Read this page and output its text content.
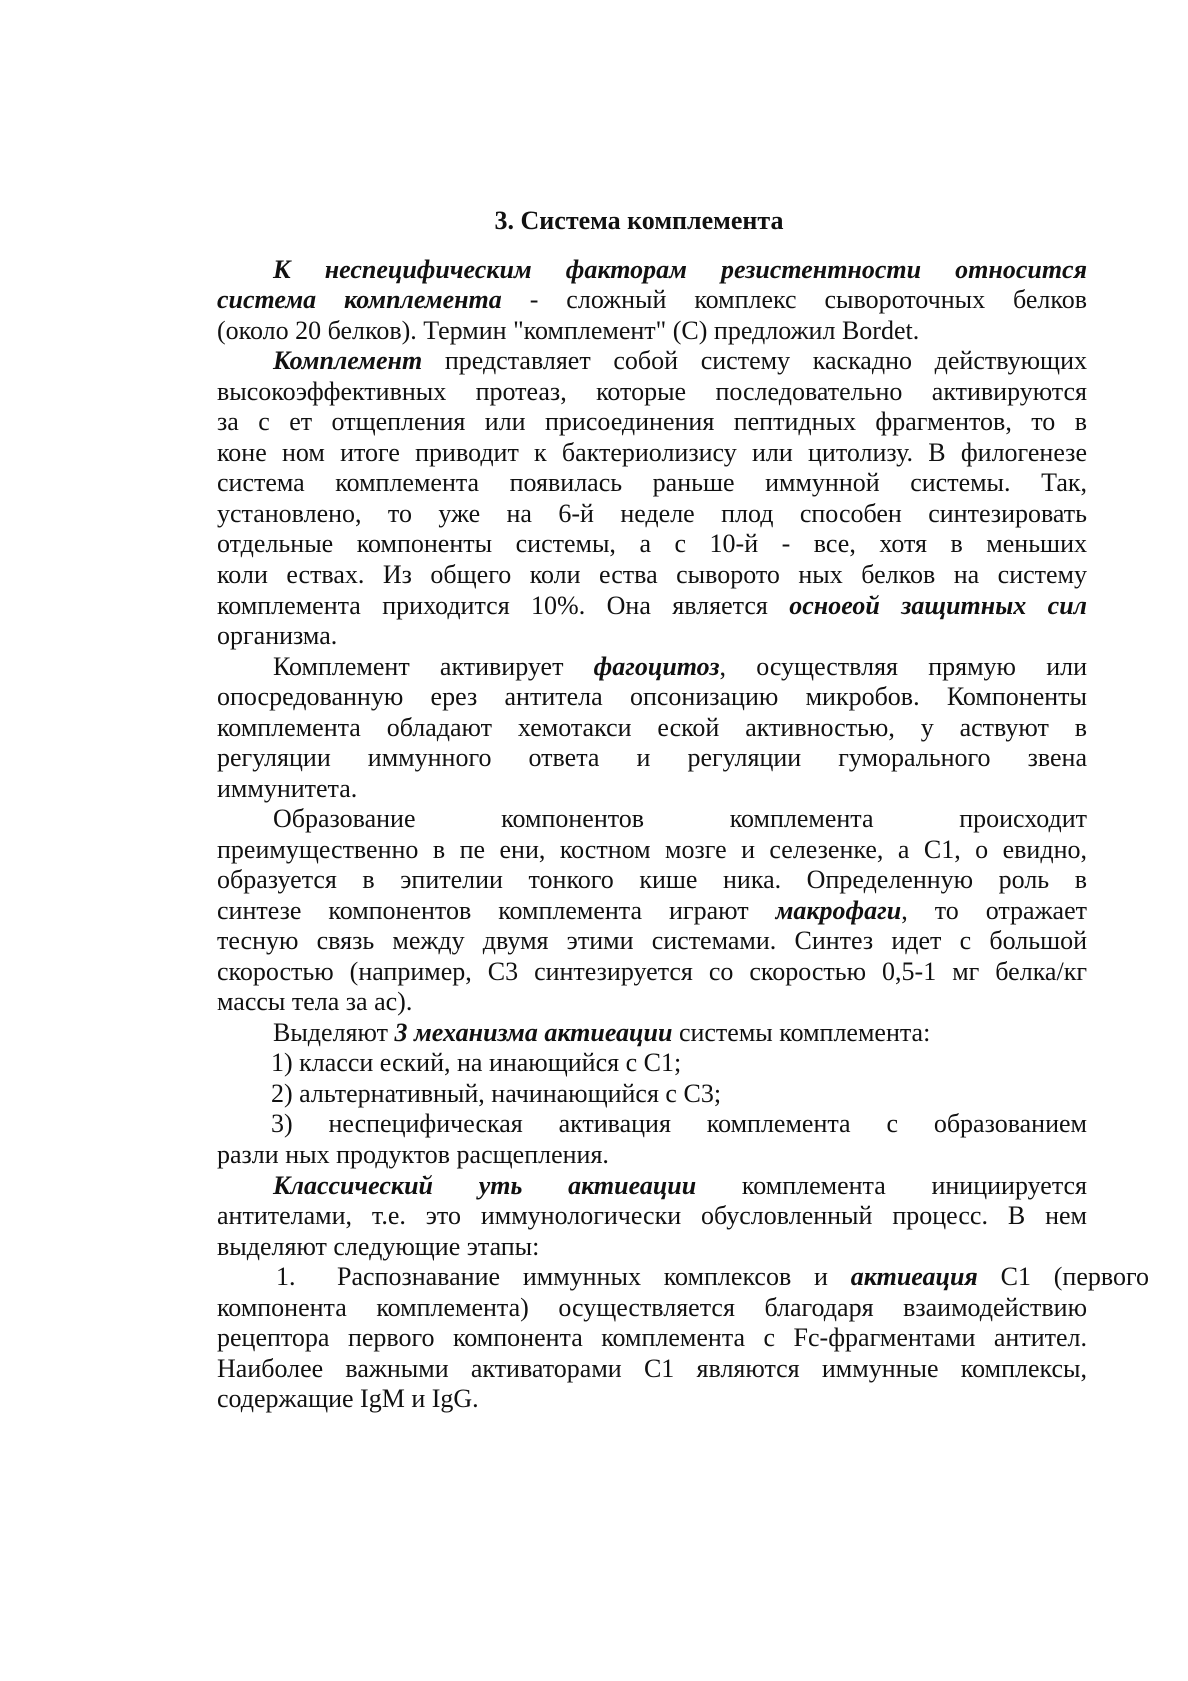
3. Система комплемента
К неспецифическим факторам резистентности относится
система комплемента - сложный комплекс сывороточных белков
(около 20 белков). Термин "комплемент" (C) предложил Bordet.
Комплемент представляет собой систему каскадно действующих
высокоэффективных протеаз, которые последовательно активируются
за с ет отщепления или присоединения пептидных фрагментов, то в
коне ном итоге приводит к бактериолизису или цитолизу. В филогенезе
система комплемента появилась раньше иммунной системы. Так,
установлено, то уже на 6-й неделе плод способен синтезировать
отдельные компоненты системы, а с 10-й - все, хотя в меньших
коли ествах. Из общего коли ества сыворото ных белков на систему
комплемента приходится 10%. Она является осноеой защитных сил
организма.
Комплемент активирует фагоцитоз, осуществляя прямую или
опосредованную ерез антитела опсонизацию микробов. Компоненты
комплемента обладают хемотакси еской активностью, у аствуют в
регуляции иммунного ответа и регуляции гуморального звена
иммунитета.
Образование компонентов комплемента происходит
преимущественно в пе ени, костном мозге и селезенке, а C1, о евидно,
образуется в эпителии тонкого кише ника. Определенную роль в
синтезе компонентов комплемента играют макрофаги, то отражает
тесную связь между двумя этими системами. Синтез идет с большой
скоростью (например, C3 синтезируется со скоростью 0,5-1 мг белка/кг
массы тела за ас).
Выделяют 3 механизма актиеации системы комплемента:
1) класси еский, на инающийся с C1;
2) альтернативный, начинающийся с C3;
3) неспецифическая активация комплемента с образованием
разли ных продуктов расщепления.
Классический уть актиеации комплемента инициируется
антителами, т.е. это иммунологически обусловленный процесс. В нем
выделяют следующие этапы:
1. Распознавание иммунных комплексов и актиеация C1 (первого
компонента комплемента) осуществляется благодаря взаимодействию
рецептора первого компонента комплемента с Fc-фрагментами антител.
Наиболее важными активаторами C1 являются иммунные комплексы,
содержащие IgM и IgG.
